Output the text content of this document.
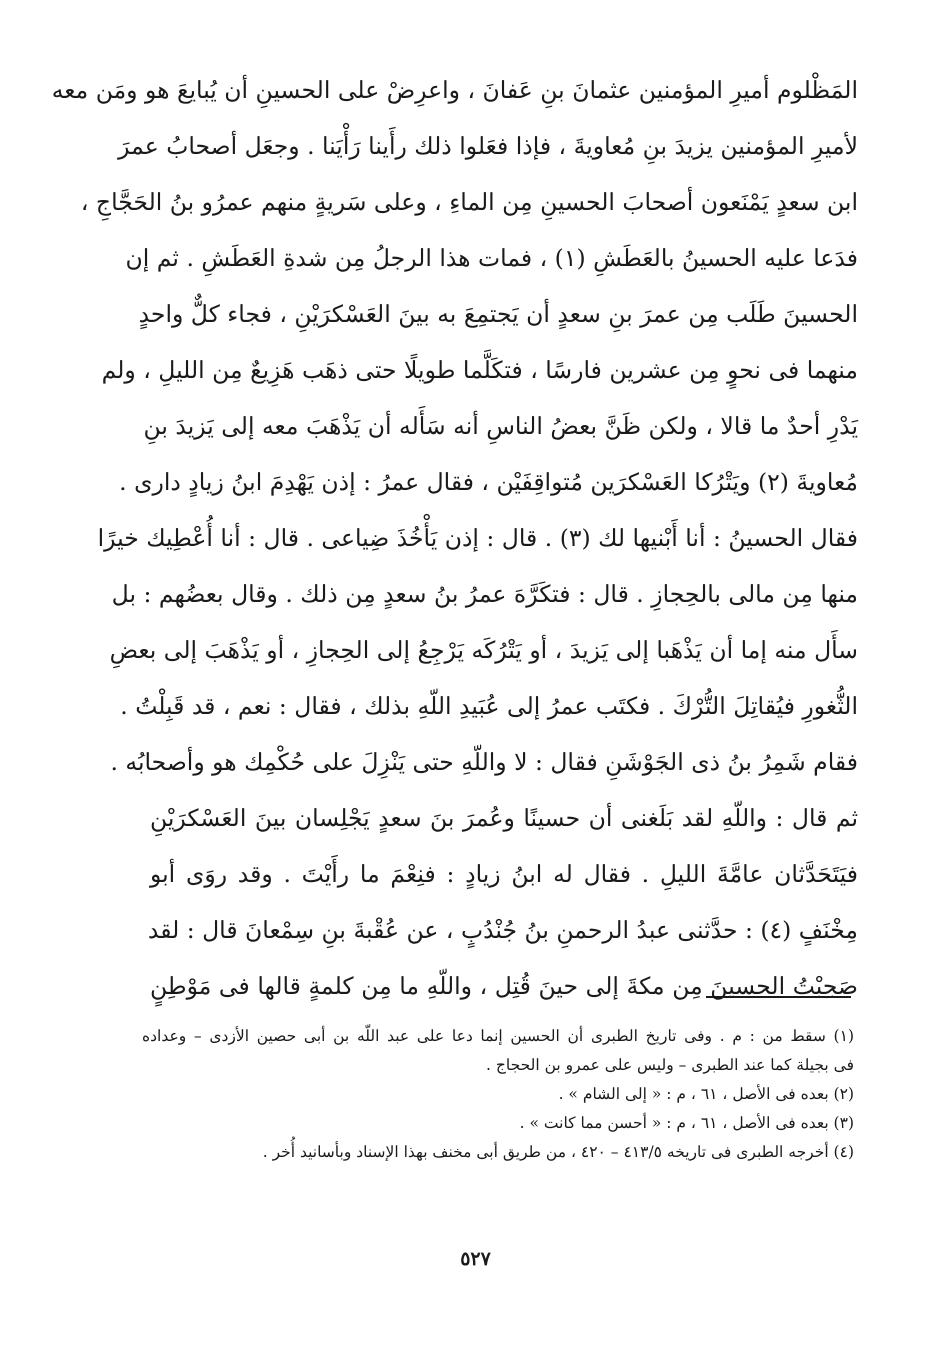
المَظْلوم أميرِ المؤمنين عثمانَ بنِ عَفانَ ، واعرِضْ على الحسينِ أن يُبايعَ هو ومَن معه
لأميرِ المؤمنين يزيدَ بنِ مُعاويةَ ، فإذا فعَلوا ذلك رأَينا رَأْيَنا . وجعَل أصحابُ عمرَ
ابن سعدٍ يَمْنَعون أصحابَ الحسينِ مِن الماءِ ، وعلى سَريةٍ منهم عمرُو بنُ الحَجَّاجِ ،
فدَعا عليه الحسينُ بالعَطَشِ (١) ، فمات هذا الرجلُ مِن شدةِ العَطَشِ . ثم إن
الحسينَ طَلَب مِن عمرَ بنِ سعدٍ أن يَجتمِعَ به بينَ العَسْكرَيْنِ ، فجاء كلٌّ واحدٍ
منهما فى نحوٍ مِن عشرين فارسًا ، فتكَلَّما طويلًا حتى ذهَب هَزِيعٌ مِن الليلِ ، ولم
يَدْرِ أحدٌ ما قالا ، ولكن ظَنَّ بعضُ الناسِ أنه سَأَله أن يَذْهَبَ معه إلى يَزيدَ بنِ
مُعاويةَ (٢) ويَتْرُكا العَسْكرَين مُتواقِفَيْن ، فقال عمرُ : إذن يَهْدِمَ ابنُ زيادٍ دارى .
فقال الحسينُ : أنا أَبْنيها لك (٣) . قال : إذن يَأْخُذَ ضِياعى . قال : أنا أُعْطِيك خيرًا
منها مِن مالى بالحِجازِ . قال : فتكَرَّهَ عمرُ بنُ سعدٍ مِن ذلك . وقال بعضُهم : بل
سأَل منه إما أن يَذْهَبا إلى يَزيدَ ، أو يَتْرُكَه يَرْجِعُ إلى الحِجازِ ، أو يَذْهَبَ إلى بعضِ
الثُّغورِ فيُقاتِلَ التُّرْكَ . فكتَب عمرُ إلى عُبَيدِ اللّهِ بذلك ، فقال : نعم ، قد قَبِلْتُ .
فقام شَمِرُ بنُ ذى الجَوْشَنِ فقال : لا واللّهِ حتى يَنْزِلَ على حُكْمِك هو وأصحابُه .
ثم قال : واللّهِ لقد بَلَغنى أن حسينًا وعُمرَ بنَ سعدٍ يَجْلِسان بينَ العَسْكرَيْنِ
فيَتَحَدَّثان عامَّةَ الليلِ . فقال له ابنُ زيادٍ : فنِعْمَ ما رأَيْتَ . وقد روَى أبو
مِخْنَفٍ (٤) : حدَّثنى عبدُ الرحمنِ بنُ جُنْدُبٍ ، عن عُقْبةَ بنِ سِمْعانَ قال : لقد
صَحِبْتُ الحسينَ مِن مكةَ إلى حينَ قُتِل ، واللّهِ ما مِن كلمةٍ قالها فى مَوْطِنٍ
(١) سقط من : م . وفى تاريخ الطبرى أن الحسين إنما دعا على عبد اللّه بن أبى حصين الأزدى – وعداده
فى بجيلة كما عند الطبرى – وليس على عمرو بن الحجاج .
(٢) بعده فى الأصل ، ٦١ ، م : « إلى الشام » .
(٣) بعده فى الأصل ، ٦١ ، م : « أحسن مما كانت » .
(٤) أخرجه الطبرى فى تاريخه ٤١٣/٥ – ٤٢٠ ، من طريق أبى مخنف بهذا الإسناد وبأسانيد أُخر .
٥٢٧
